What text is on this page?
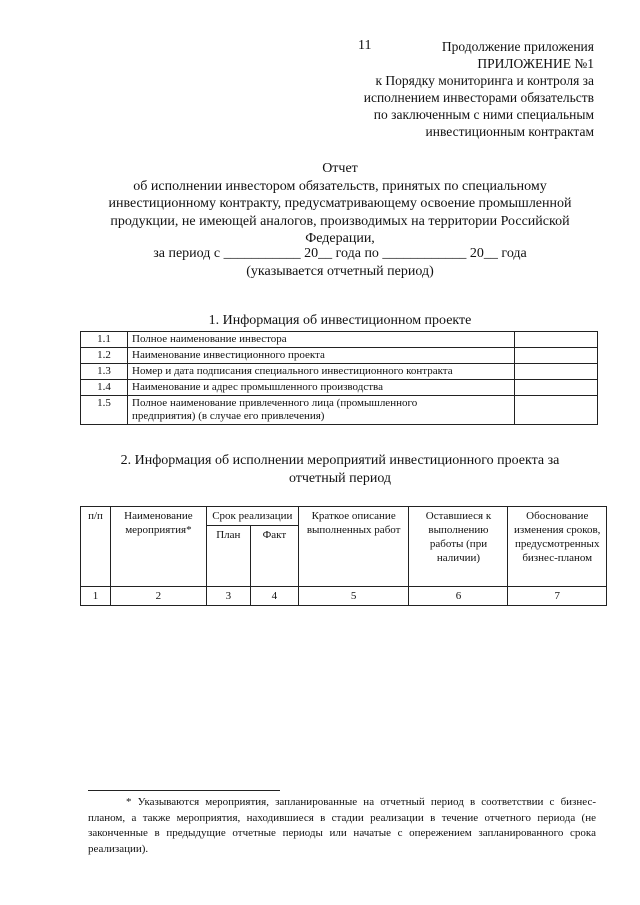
11	Продолжение приложения
ПРИЛОЖЕНИЕ №1
к Порядку мониторинга и контроля за
исполнением инвесторами обязательств
по заключенным с ними специальным
инвестиционным контрактам
Отчет
об исполнении инвестором обязательств, принятых по специальному инвестиционному контракту, предусматривающему освоение промышленной продукции, не имеющей аналогов, производимых на территории Российской Федерации,
за период с ___________ 20__ года по ____________ 20__ года
(указывается отчетный период)
1. Информация об инвестиционном проекте
1.1	Полное наименование инвестора	
1.2	Наименование инвестиционного проекта	
1.3	Номер и дата подписания специального инвестиционного контракта	
1.4	Наименование и адрес промышленного производства	
1.5	Полное наименование привлеченного лица (промышленного предприятия) (в случае его привлечения)	
2. Информация об исполнении мероприятий инвестиционного проекта за
отчетный период
п/п	Наименование мероприятия*	Срок реализации		Краткое описание выполненных работ	Оставшиеся к выполнению работы (при наличии)	Обоснование изменения сроков, предусмотренных бизнес-планом
		План	Факт			
1	2	3	4	5	6	7
* Указываются мероприятия, запланированные на отчетный период в соответствии с бизнес-планом, а также мероприятия, находившиеся в стадии реализации в течение отчетного периода (не законченные в предыдущие отчетные периоды или начатые с опережением запланированного срока реализации).
